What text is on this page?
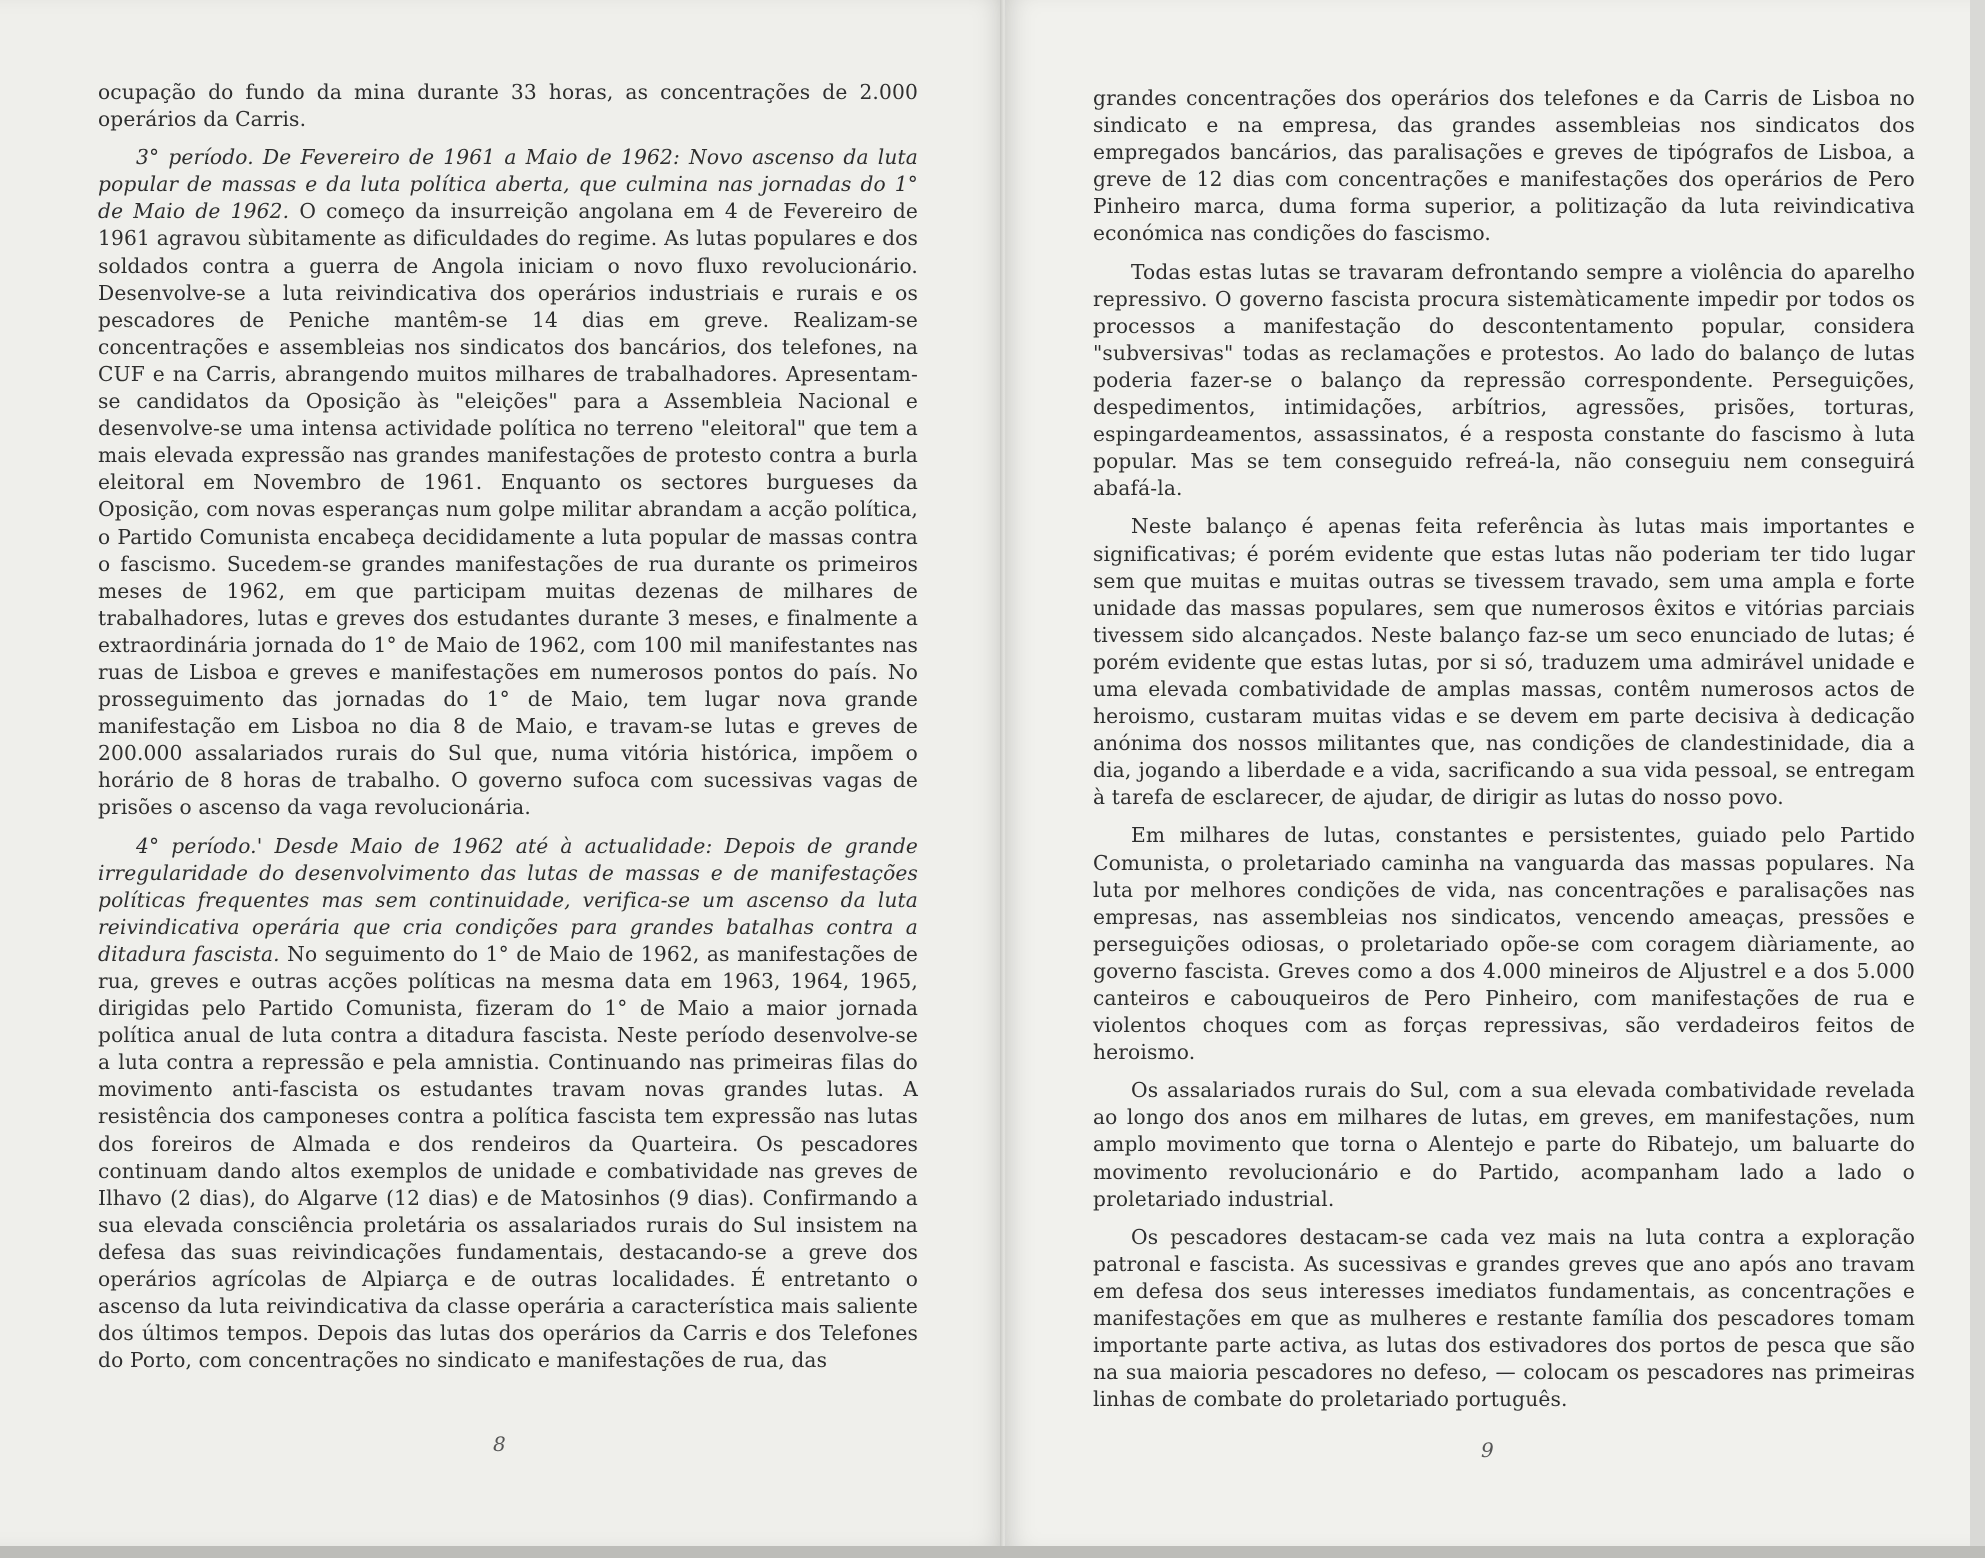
ocupação do fundo da mina durante 33 horas, as concentrações de 2.000 operários da Carris.

3° período. De Fevereiro de 1961 a Maio de 1962: Novo ascenso da luta popular de massas e da luta política aberta, que culmina nas jornadas do 1° de Maio de 1962. O começo da insurreição angolana em 4 de Fevereiro de 1961 agravou sùbitamente as dificuldades do regime. As lutas populares e dos soldados contra a guerra de Angola iniciam o novo fluxo revolucionário. Desenvolve-se a luta reivindicativa dos operários industriais e rurais e os pescadores de Peniche mantêm-se 14 dias em greve. Realizam-se concentrações e assembleias nos sindicatos dos bancários, dos telefones, na CUF e na Carris, abrangendo muitos milhares de trabalhadores. Apresentam-se candidatos da Oposição às "eleições" para a Assembleia Nacional e desenvolve-se uma intensa actividade política no terreno "eleitoral" que tem a mais elevada expressão nas grandes manifestações de protesto contra a burla eleitoral em Novembro de 1961. Enquanto os sectores burgueses da Oposição, com novas esperanças num golpe militar abrandam a acção política, o Partido Comunista encabeça decididamente a luta popular de massas contra o fascismo. Sucedem-se grandes manifestações de rua durante os primeiros meses de 1962, em que participam muitas dezenas de milhares de trabalhadores, lutas e greves dos estudantes durante 3 meses, e finalmente a extraordinária jornada do 1° de Maio de 1962, com 100 mil manifestantes nas ruas de Lisboa e greves e manifestações em numerosos pontos do país. No prosseguimento das jornadas do 1° de Maio, tem lugar nova grande manifestação em Lisboa no dia 8 de Maio, e travam-se lutas e greves de 200.000 assalariados rurais do Sul que, numa vitória histórica, impõem o horário de 8 horas de trabalho. O governo sufoca com sucessivas vagas de prisões o ascenso da vaga revolucionária.

4° período.' Desde Maio de 1962 até à actualidade: Depois de grande irregularidade do desenvolvimento das lutas de massas e de manifestações políticas frequentes mas sem continuidade, verifica-se um ascenso da luta reivindicativa operária que cria condições para grandes batalhas contra a ditadura fascista. No seguimento do 1° de Maio de 1962, as manifestações de rua, greves e outras acções políticas na mesma data em 1963, 1964, 1965, dirigidas pelo Partido Comunista, fizeram do 1° de Maio a maior jornada política anual de luta contra a ditadura fascista. Neste período desenvolve-se a luta contra a repressão e pela amnistia. Continuando nas primeiras filas do movimento anti-fascista os estudantes travam novas grandes lutas. A resistência dos camponeses contra a política fascista tem expressão nas lutas dos foreiros de Almada e dos rendeiros da Quarteira. Os pescadores continuam dando altos exemplos de unidade e combatividade nas greves de Ilhavo (2 dias), do Algarve (12 dias) e de Matosinhos (9 dias). Confirmando a sua elevada consciência proletária os assalariados rurais do Sul insistem na defesa das suas reivindicações fundamentais, destacando-se a greve dos operários agrícolas de Alpiarça e de outras localidades. É entretanto o ascenso da luta reivindicativa da classe operária a característica mais saliente dos últimos tempos. Depois das lutas dos operários da Carris e dos Telefones do Porto, com concentrações no sindicato e manifestações de rua, das

8

grandes concentrações dos operários dos telefones e da Carris de Lisboa no sindicato e na empresa, das grandes assembleias nos sindicatos dos empregados bancários, das paralisações e greves de tipógrafos de Lisboa, a greve de 12 dias com concentrações e manifestações dos operários de Pero Pinheiro marca, duma forma superior, a politização da luta reivindicativa económica nas condições do fascismo.

Todas estas lutas se travaram defrontando sempre a violência do aparelho repressivo. O governo fascista procura sistemàticamente impedir por todos os processos a manifestação do descontentamento popular, considera "subversivas" todas as reclamações e protestos. Ao lado do balanço de lutas poderia fazer-se o balanço da repressão correspondente. Perseguições, despedimentos, intimidações, arbítrios, agressões, prisões, torturas, espingardeamentos, assassinatos, é a resposta constante do fascismo à luta popular. Mas se tem conseguido refreá-la, não conseguiu nem conseguirá abafá-la.

Neste balanço é apenas feita referência às lutas mais importantes e significativas; é porém evidente que estas lutas não poderiam ter tido lugar sem que muitas e muitas outras se tivessem travado, sem uma ampla e forte unidade das massas populares, sem que numerosos êxitos e vitórias parciais tivessem sido alcançados. Neste balanço faz-se um seco enunciado de lutas; é porém evidente que estas lutas, por si só, traduzem uma admirável unidade e uma elevada combatividade de amplas massas, contêm numerosos actos de heroismo, custaram muitas vidas e se devem em parte decisiva à dedicação anónima dos nossos militantes que, nas condições de clandestinidade, dia a dia, jogando a liberdade e a vida, sacrificando a sua vida pessoal, se entregam à tarefa de esclarecer, de ajudar, de dirigir as lutas do nosso povo.

Em milhares de lutas, constantes e persistentes, guiado pelo Partido Comunista, o proletariado caminha na vanguarda das massas populares. Na luta por melhores condições de vida, nas concentrações e paralisações nas empresas, nas assembleias nos sindicatos, vencendo ameaças, pressões e perseguições odiosas, o proletariado opõe-se com coragem diàriamente, ao governo fascista. Greves como a dos 4.000 mineiros de Aljustrel e a dos 5.000 canteiros e cabouqueiros de Pero Pinheiro, com manifestações de rua e violentos choques com as forças repressivas, são verdadeiros feitos de heroismo.

Os assalariados rurais do Sul, com a sua elevada combatividade revelada ao longo dos anos em milhares de lutas, em greves, em manifestações, num amplo movimento que torna o Alentejo e parte do Ribatejo, um baluarte do movimento revolucionário e do Partido, acompanham lado a lado o proletariado industrial.

Os pescadores destacam-se cada vez mais na luta contra a exploração patronal e fascista. As sucessivas e grandes greves que ano após ano travam em defesa dos seus interesses imediatos fundamentais, as concentrações e manifestações em que as mulheres e restante família dos pescadores tomam importante parte activa, as lutas dos estivadores dos portos de pesca que são na sua maioria pescadores no defeso, — colocam os pescadores nas primeiras linhas de combate do proletariado português.

9
